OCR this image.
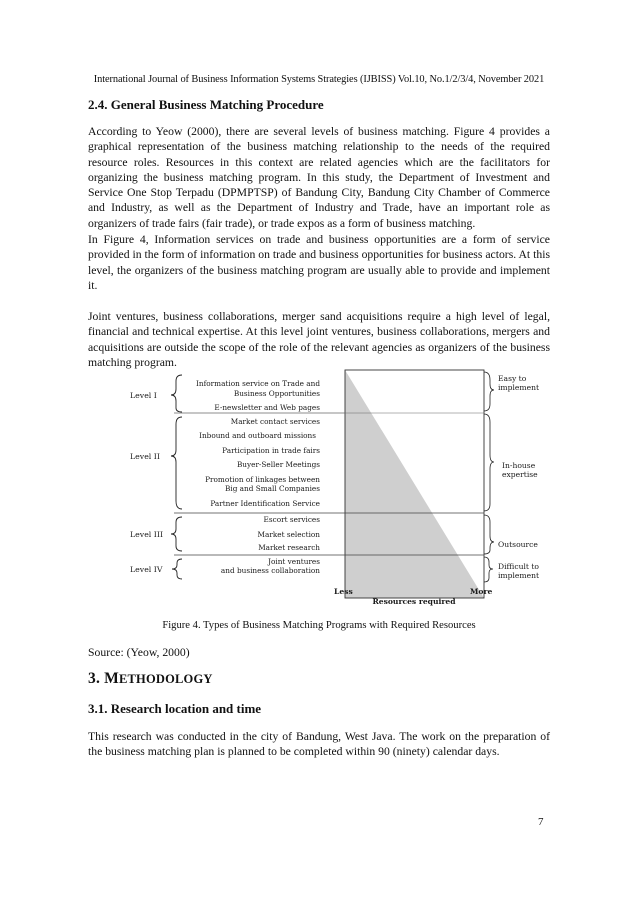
International Journal of Business Information Systems Strategies (IJBISS) Vol.10, No.1/2/3/4, November 2021
2.4. General Business Matching Procedure

According to Yeow (2000), there are several levels of business matching. Figure 4 provides a graphical representation of the business matching relationship to the needs of the required resource roles. Resources in this context are related agencies which are the facilitators for organizing the business matching program. In this study, the Department of Investment and Service One Stop Terpadu (DPMPTSP) of Bandung City, Bandung City Chamber of Commerce and Industry, as well as the Department of Industry and Trade, have an important role as organizers of trade fairs (fair trade), or trade expos as a form of business matching.

In Figure 4, Information services on trade and business opportunities are a form of service provided in the form of information on trade and business opportunities for business actors. At this level, the organizers of the business matching program are usually able to provide and implement it.

Joint ventures, business collaborations, merger sand acquisitions require a high level of legal, financial and technical expertise. At this level joint ventures, business collaborations, mergers and acquisitions are outside the scope of the role of the relevant agencies as organizers of the business matching program.

Level I
Level II
Level III
Level IV
Information service on Trade and
Business Opportunities
E-newsletter and Web pages
Market contact services
Inbound and outboard missions
Participation in trade fairs
Buyer-Seller Meetings
Promotion of linkages between
Big and Small Companies
Partner Identification Service
Escort services
Market selection
Market research
Joint ventures
and business collaboration
Easy to
implement
In-house
expertise
Outsource
Difficult to
implement
Less	More
Resources required
Figure 4. Types of Business Matching Programs with Required Resources
Source: (Yeow, 2000)
3. METHODOLOGY
3.1. Research location and time

This research was conducted in the city of Bandung, West Java. The work on the preparation of the business matching plan is planned to be completed within 90 (ninety) calendar days.

7
